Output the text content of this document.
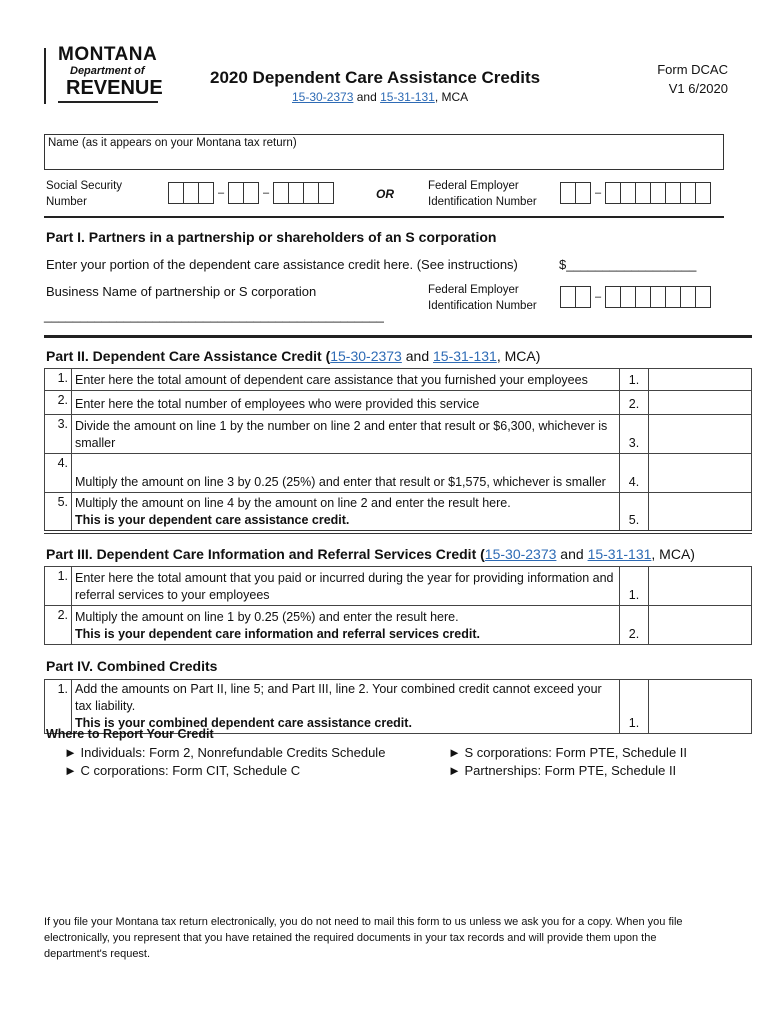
MONTANA
Department of
REVENUE	2020 Dependent Care Assistance Credits
15-30-2373 and 15-31-131, MCA
Form DCAC
V1 6/2020
Name (as it appears on your Montana tax return)
Social Security Number
–	–	OR
Federal Employer Identification Number
–
Part I. Partners in a partnership or shareholders of an S corporation
Enter your portion of the dependent care assistance credit here. (See instructions)	$__________________
Business Name of partnership or S corporation	Federal Employer Identification Number
–
_______________________________________________
Part II. Dependent Care Assistance Credit (15-30-2373 and 15-31-131, MCA)
1.	Enter here the total amount of dependent care assistance that you furnished your employees	1.	
2.	Enter here the total number of employees who were provided this service	2.	
3.	Divide the amount on line 1 by the number on line 2 and enter that result or $6,300, whichever is smaller	3.	
4.	Multiply the amount on line 3 by 0.25 (25%) and enter that result or $1,575, whichever is smaller	4.	
5.	Multiply the amount on line 4 by the amount on line 2 and enter the result here.
This is your dependent care assistance credit.	5.	
Part III. Dependent Care Information and Referral Services Credit (15-30-2373 and 15-31-131, MCA)
1.	Enter here the total amount that you paid or incurred during the year for providing information and referral services to your employees	1.	
2.	Multiply the amount on line 1 by 0.25 (25%) and enter the result here.
This is your dependent care information and referral services credit.	2.	
Part IV. Combined Credits
1.	Add the amounts on Part II, line 5; and Part III, line 2. Your combined credit cannot exceed your tax liability.
This is your combined dependent care assistance credit.	1.	
Where to Report Your Credit
► Individuals: Form 2, Nonrefundable Credits Schedule
► C corporations: Form CIT, Schedule C
► S corporations: Form PTE, Schedule II
► Partnerships: Form PTE, Schedule II
If you file your Montana tax return electronically, you do not need to mail this form to us unless we ask you for a copy. When you file electronically, you represent that you have retained the required documents in your tax records and will provide them upon the department's request.
